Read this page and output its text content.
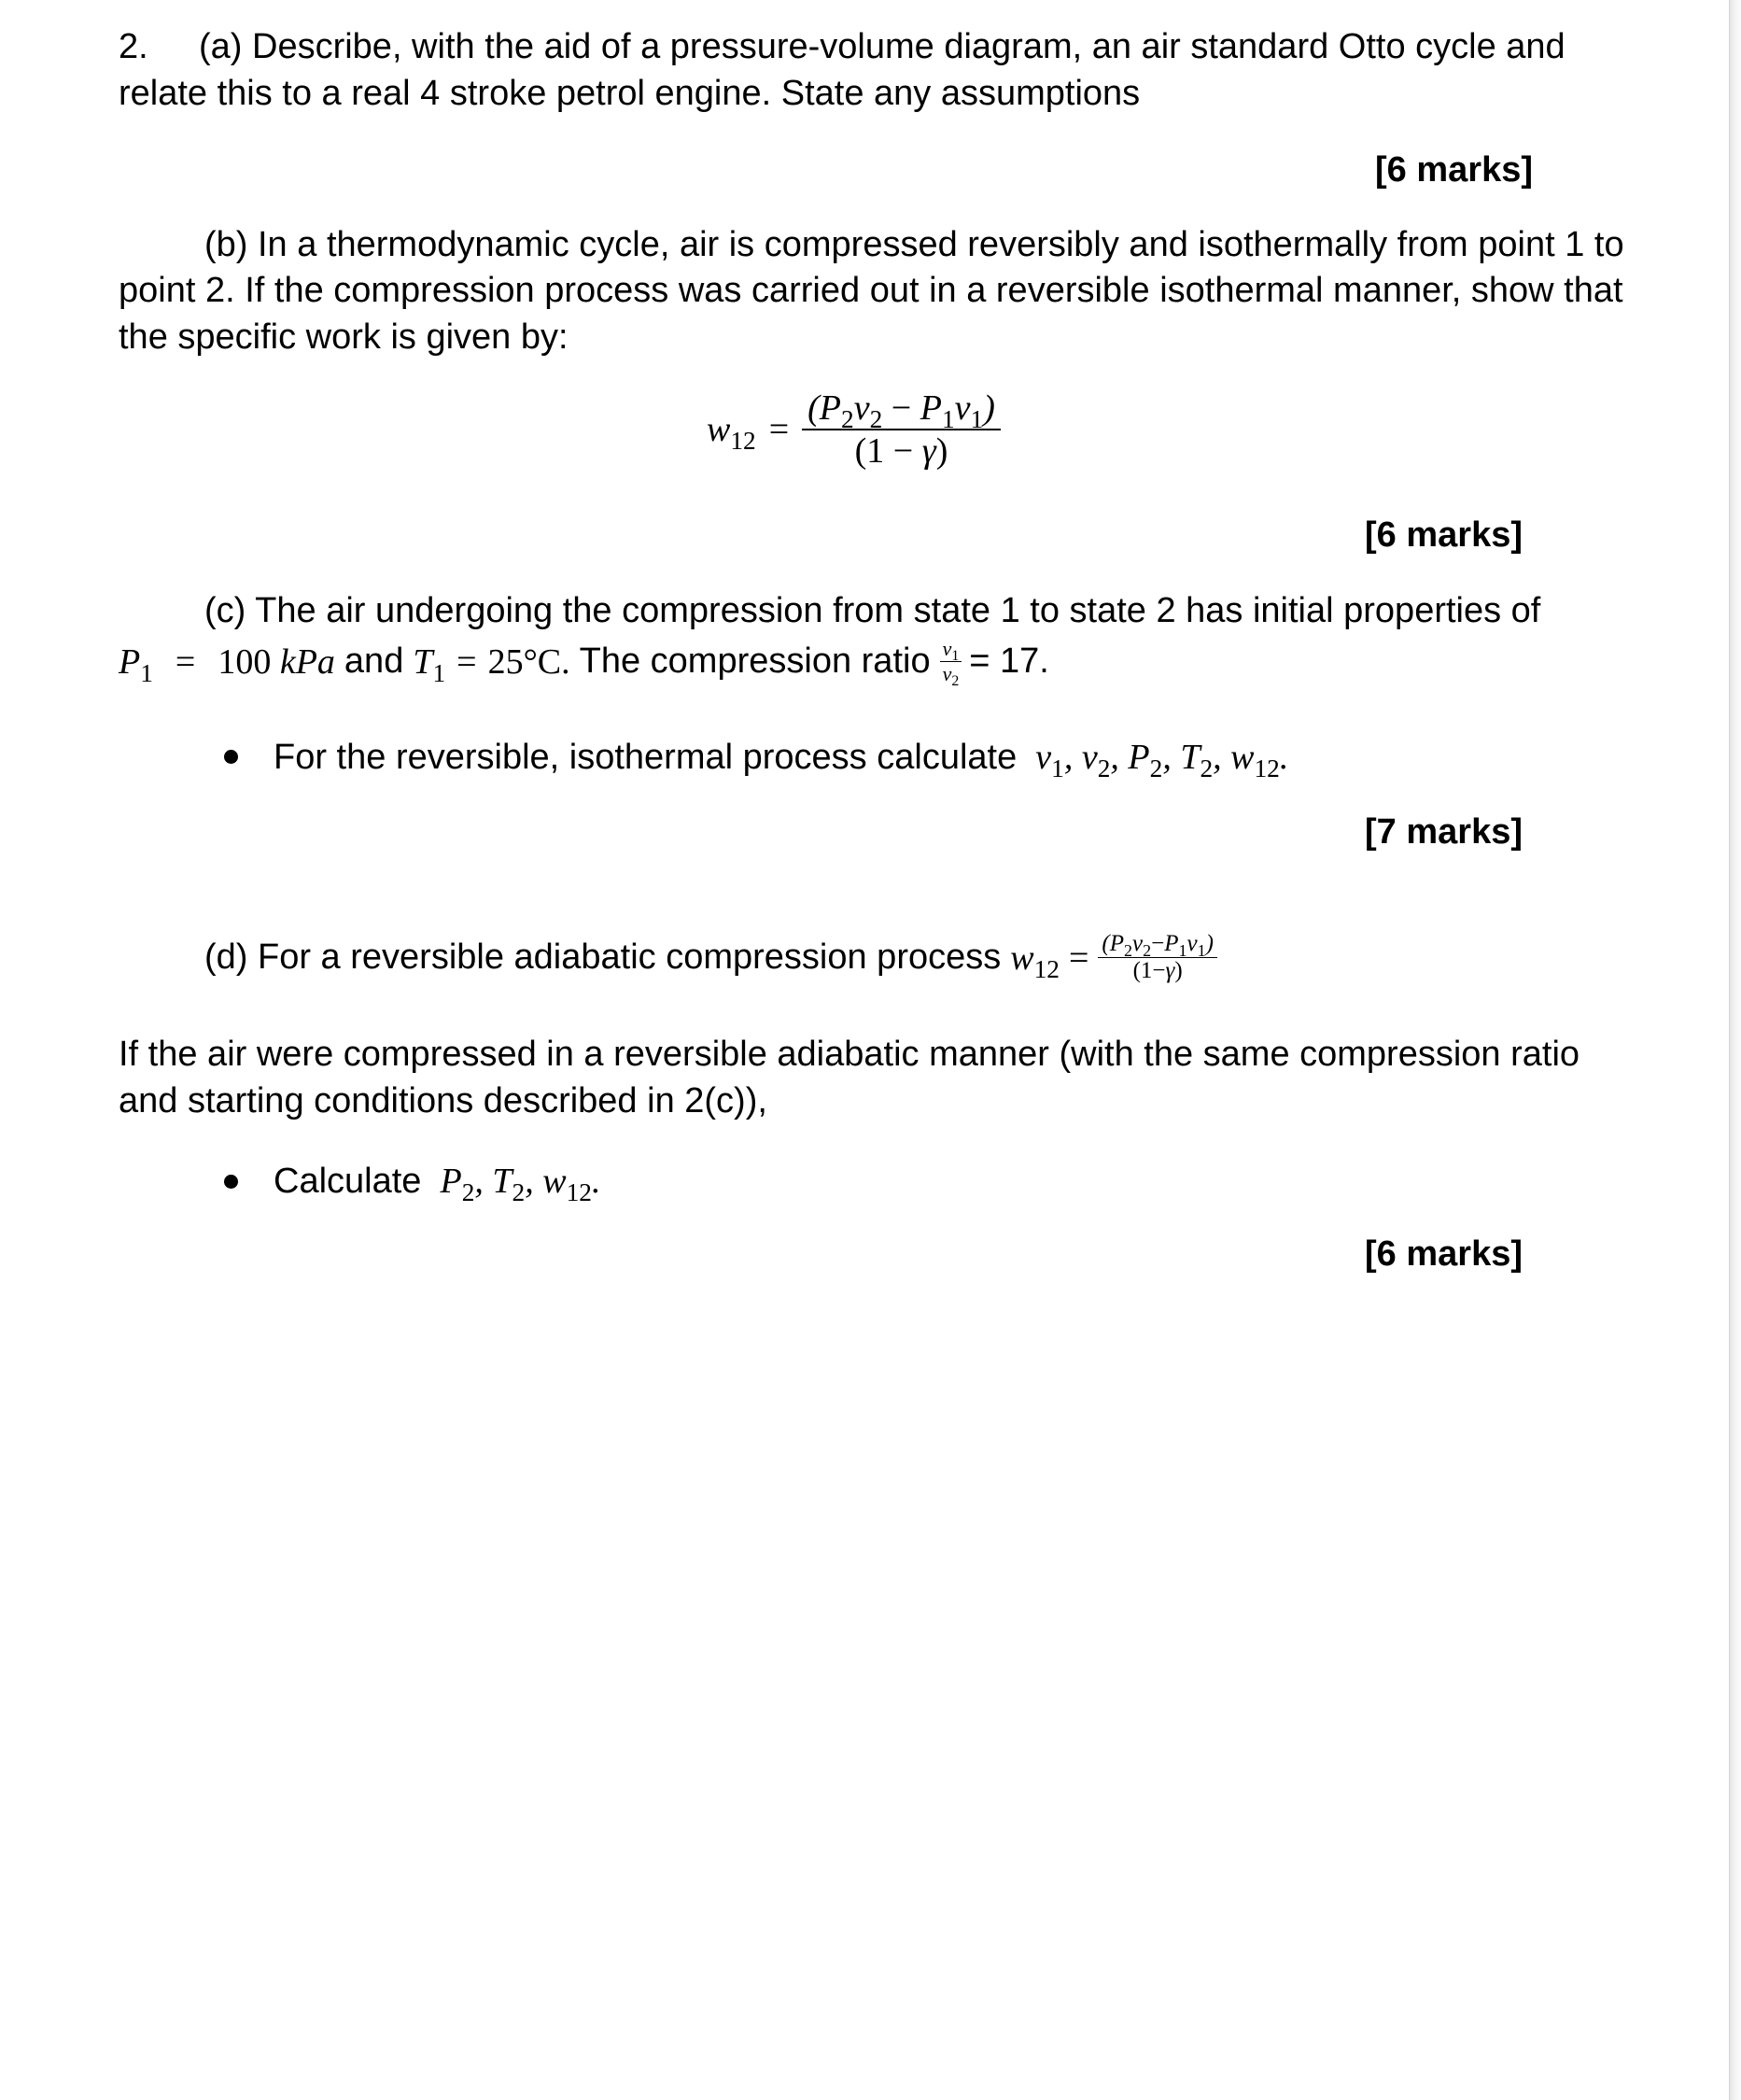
2. (a) Describe, with the aid of a pressure-volume diagram, an air standard Otto cycle and
relate this to a real 4 stroke petrol engine. State any assumptions
[6 marks]
(b) In a thermodynamic cycle, air is compressed reversibly and isothermally from point 1 to
point 2. If the compression process was carried out in a reversible isothermal manner, show that
the specific work is given by:
$w_{12} = \frac{(P_2v_2 - P_1v_1)}{(1 - \gamma)}$
[6 marks]
(c) The air undergoing the compression from state 1 to state 2 has initial properties of
$P_1 = 100$ kPa and $T_1 = 25^\circ C$. The compression ratio $\frac{v_1}{v_2} = 17$.
For the reversible, isothermal process calculate  $v_1$, $v_2$, $P_2$, $T_2$, $w_{12}$.
[7 marks]
(d) For a reversible adiabatic compression process $w_{12} = \frac{(P_2v_2-P_1v_1)}{(1-\gamma)}$
If the air were compressed in a reversible adiabatic manner (with the same compression ratio
and starting conditions described in 2(c)),
Calculate  $P_2$, $T_2$, $w_{12}$.
[6 marks]
